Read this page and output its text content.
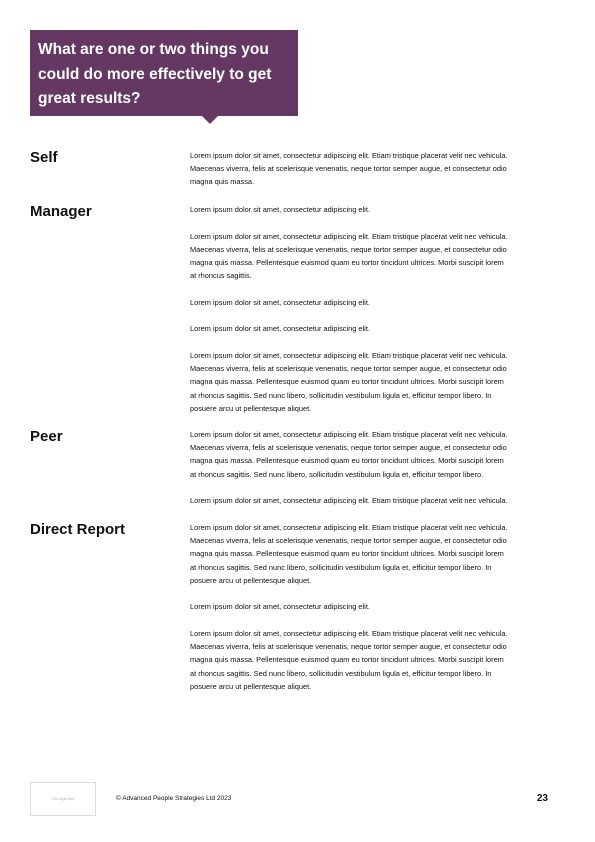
What are one or two things you
could do more effectively to get
great results?
Self	Lorem ipsum dolor sit amet, consectetur adipiscing elit. Etiam tristique placerat velit nec vehicula.
Maecenas viverra, felis at scelerisque venenatis, neque tortor semper augue, et consectetur odio
magna quis massa.

Manager	Lorem ipsum dolor sit amet, consectetur adipiscing elit.

Lorem ipsum dolor sit amet, consectetur adipiscing elit. Etiam tristique placerat velit nec vehicula.
Maecenas viverra, felis at scelerisque venenatis, neque tortor semper augue, et consectetur odio
magna quis massa. Pellentesque euismod quam eu tortor tincidunt ultrices. Morbi suscipit lorem
at rhoncus sagittis.

Lorem ipsum dolor sit amet, consectetur adipiscing elit.

Lorem ipsum dolor sit amet, consectetur adipiscing elit.

Lorem ipsum dolor sit amet, consectetur adipiscing elit. Etiam tristique placerat velit nec vehicula.
Maecenas viverra, felis at scelerisque venenatis, neque tortor semper augue, et consectetur odio
magna quis massa. Pellentesque euismod quam eu tortor tincidunt ultrices. Morbi suscipit lorem
at rhoncus sagittis. Sed nunc libero, sollicitudin vestibulum ligula et, efficitur tempor libero. In
posuere arcu ut pellentesque aliquet.

Peer	Lorem ipsum dolor sit amet, consectetur adipiscing elit. Etiam tristique placerat velit nec vehicula.
Maecenas viverra, felis at scelerisque venenatis, neque tortor semper augue, et consectetur odio
magna quis massa. Pellentesque euismod quam eu tortor tincidunt ultrices. Morbi suscipit lorem
at rhoncus sagittis. Sed nunc libero, sollicitudin vestibulum ligula et, efficitur tempor libero.

Lorem ipsum dolor sit amet, consectetur adipiscing elit. Etiam tristique placerat velit nec vehicula.

Direct Report	Lorem ipsum dolor sit amet, consectetur adipiscing elit. Etiam tristique placerat velit nec vehicula.
Maecenas viverra, felis at scelerisque venenatis, neque tortor semper augue, et consectetur odio
magna quis massa. Pellentesque euismod quam eu tortor tincidunt ultrices. Morbi suscipit lorem
at rhoncus sagittis. Sed nunc libero, sollicitudin vestibulum ligula et, efficitur tempor libero. In
posuere arcu ut pellentesque aliquet.

Lorem ipsum dolor sit amet, consectetur adipiscing elit.

Lorem ipsum dolor sit amet, consectetur adipiscing elit. Etiam tristique placerat velit nec vehicula.
Maecenas viverra, felis at scelerisque venenatis, neque tortor semper augue, et consectetur odio
magna quis massa. Pellentesque euismod quam eu tortor tincidunt ultrices. Morbi suscipit lorem
at rhoncus sagittis. Sed nunc libero, sollicitudin vestibulum ligula et, efficitur tempor libero. In
posuere arcu ut pellentesque aliquet.

Your logo here	© Advanced People Strategies Ltd 2023	23
